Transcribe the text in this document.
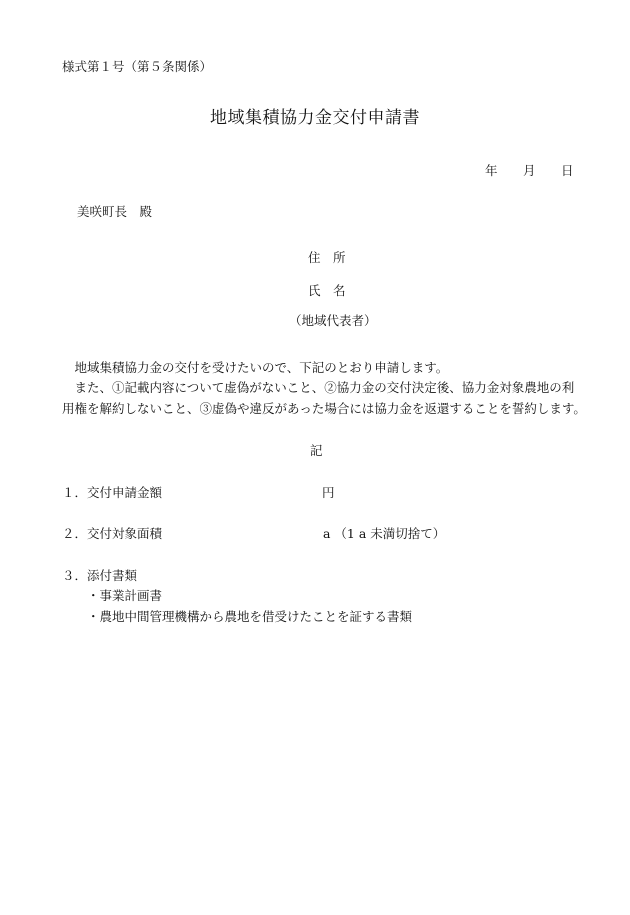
様式第１号（第５条関係）
地域集積協力金交付申請書
年 月 日
美咲町長　殿
住　所
氏　名
（地域代表者）
　地域集積協力金の交付を受けたいので、下記のとおり申請します。
　また、①記載内容について虚偽がないこと、②協力金の交付決定後、協力金対象農地の利
用権を解約しないこと、③虚偽や違反があった場合には協力金を返還することを誓約します。
記
１．交付申請金額	円
２．交付対象面積	a （1 a 未満切捨て）
３．添付書類
・事業計画書
・農地中間管理機構から農地を借受けたことを証する書類
